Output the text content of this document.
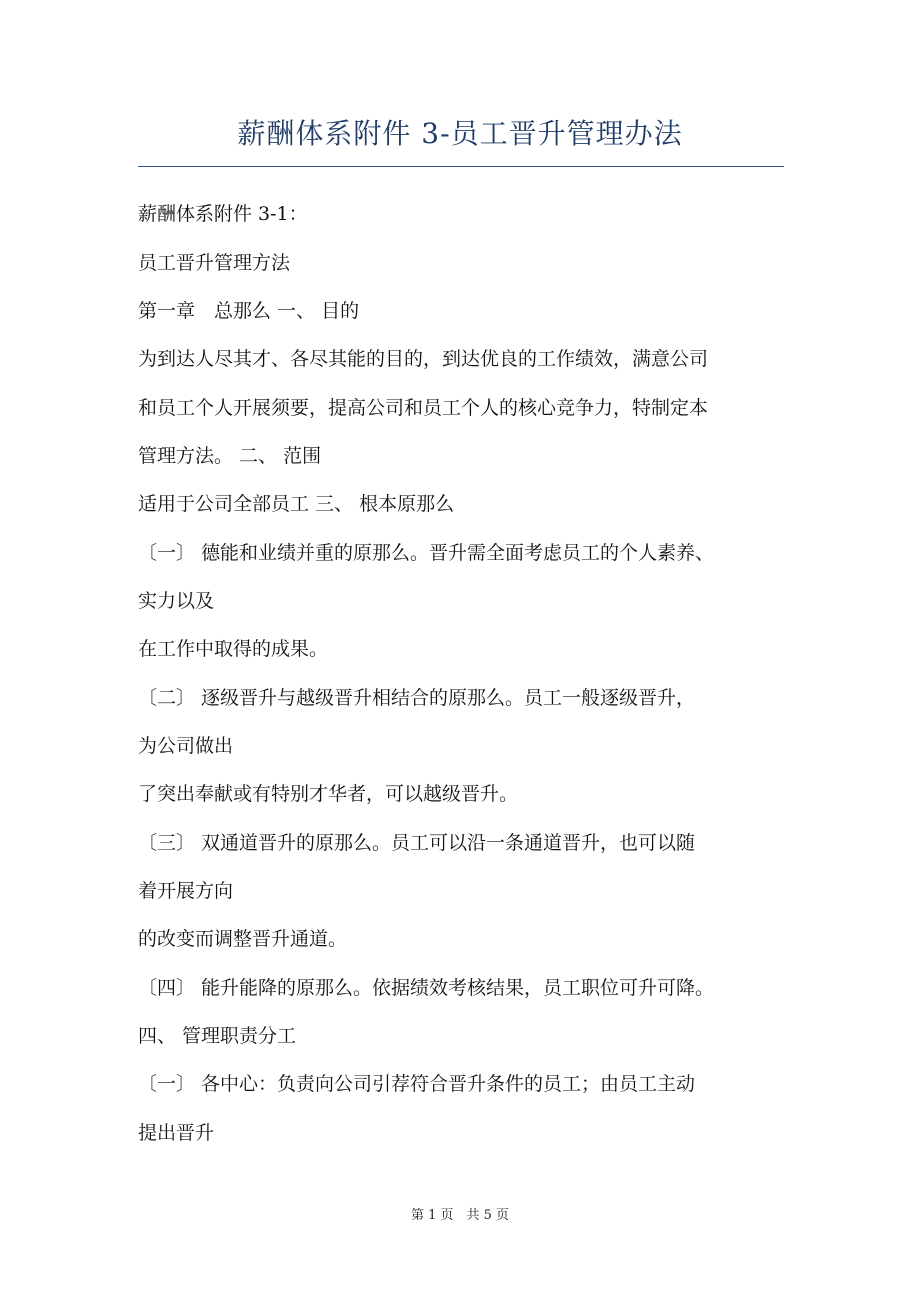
薪酬体系附件 3-员工晋升管理办法
薪酬体系附件 3-1：
员工晋升管理方法
第一章　总那么 一、 目的
为到达人尽其才、各尽其能的目的，到达优良的工作绩效，满意公司
和员工个人开展须要，提高公司和员工个人的核心竞争力，特制定本
管理方法。 二、 范围
适用于公司全部员工 三、 根本原那么
〔一〕 德能和业绩并重的原那么。晋升需全面考虑员工的个人素养、
实力以及
在工作中取得的成果。
〔二〕 逐级晋升与越级晋升相结合的原那么。员工一般逐级晋升，
为公司做出
了突出奉献或有特别才华者，可以越级晋升。
〔三〕 双通道晋升的原那么。员工可以沿一条通道晋升，也可以随
着开展方向
的改变而调整晋升通道。
〔四〕 能升能降的原那么。依据绩效考核结果，员工职位可升可降。
四、 管理职责分工
〔一〕 各中心：负责向公司引荐符合晋升条件的员工；由员工主动
提出晋升
第 1 页　共 5 页
